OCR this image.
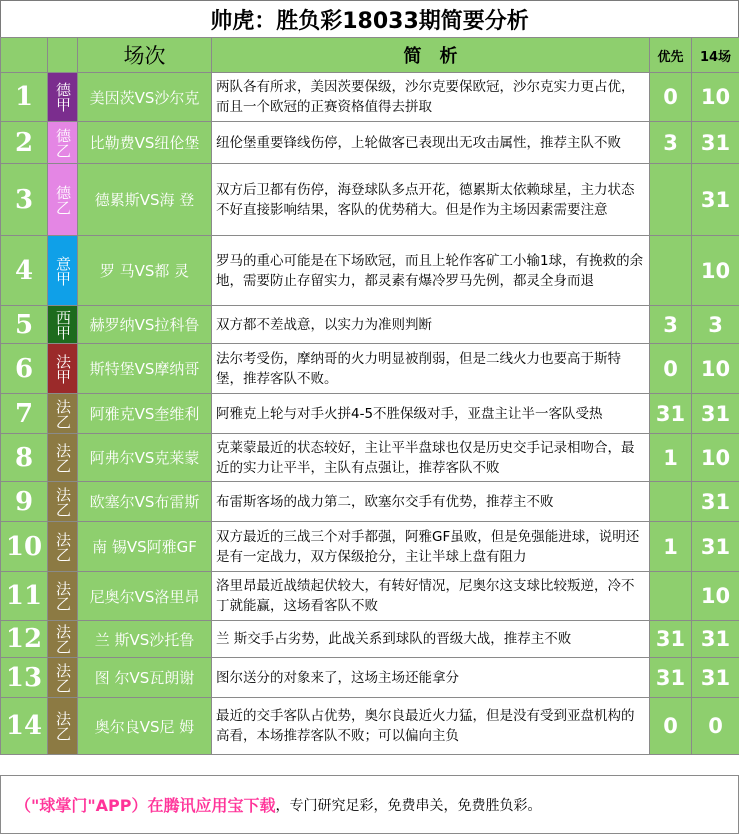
帅虎：胜负彩18033期简要分析
		场次	简析	优先	14场
1	德甲	美因茨VS沙尔克	两队各有所求，美因茨要保级，沙尔克要保欧冠，沙尔克实力更占优，而且一个欧冠的正赛资格值得去拼取	0	10
2	德乙	比勒费VS纽伦堡	纽伦堡重要锋线伤停，上轮做客已表现出无攻击属性，推荐主队不败	3	31
3	德乙	德累斯VS海 登	双方后卫都有伤停，海登球队多点开花，德累斯太依赖球星，主力状态不好直接影响结果，客队的优势稍大。但是作为主场因素需要注意		31
4	意甲	罗 马VS都 灵	罗马的重心可能是在下场欧冠，而且上轮作客矿工小输1球，有挽救的余地，需要防止存留实力，都灵素有爆冷罗马先例，都灵全身而退		10
5	西甲	赫罗纳VS拉科鲁	双方都不差战意，以实力为准则判断	3	3
6	法甲	斯特堡VS摩纳哥	法尔考受伤，摩纳哥的火力明显被削弱，但是二线火力也要高于斯特堡，推荐客队不败。	0	10
7	法乙	阿雅克VS奎维利	阿雅克上轮与对手火拼4-5不胜保级对手，亚盘主让半一客队受热	31	31
8	法乙	阿弗尔VS克莱蒙	克莱蒙最近的状态较好，主让平半盘球也仅是历史交手记录相吻合，最近的实力让平半，主队有点强让，推荐客队不败	1	10
9	法乙	欧塞尔VS布雷斯	布雷斯客场的战力第二，欧塞尔交手有优势，推荐主不败		31
10	法乙	南 锡VS阿雅GF	双方最近的三战三个对手都强，阿雅GF虽败，但是免强能进球，说明还是有一定战力，双方保级抢分，主让半球上盘有阻力	1	31
11	法乙	尼奥尔VS洛里昂	洛里昂最近战绩起伏较大，有转好情况，尼奥尔这支球比较叛逆，冷不丁就能赢，这场看客队不败		10
12	法乙	兰 斯VS沙托鲁	兰 斯交手占劣势，此战关系到球队的晋级大战，推荐主不败	31	31
13	法乙	图 尔VS瓦朗谢	图尔送分的对象来了，这场主场还能拿分	31	31
14	法乙	奥尔良VS尼 姆	最近的交手客队占优势，奥尔良最近火力猛，但是没有受到亚盘机构的高看，本场推荐客队不败；可以偏向主负	0	0
（"球掌门"APP）在腾讯应用宝下载 ，专门研究足彩，免费串关，免费胜负彩。
